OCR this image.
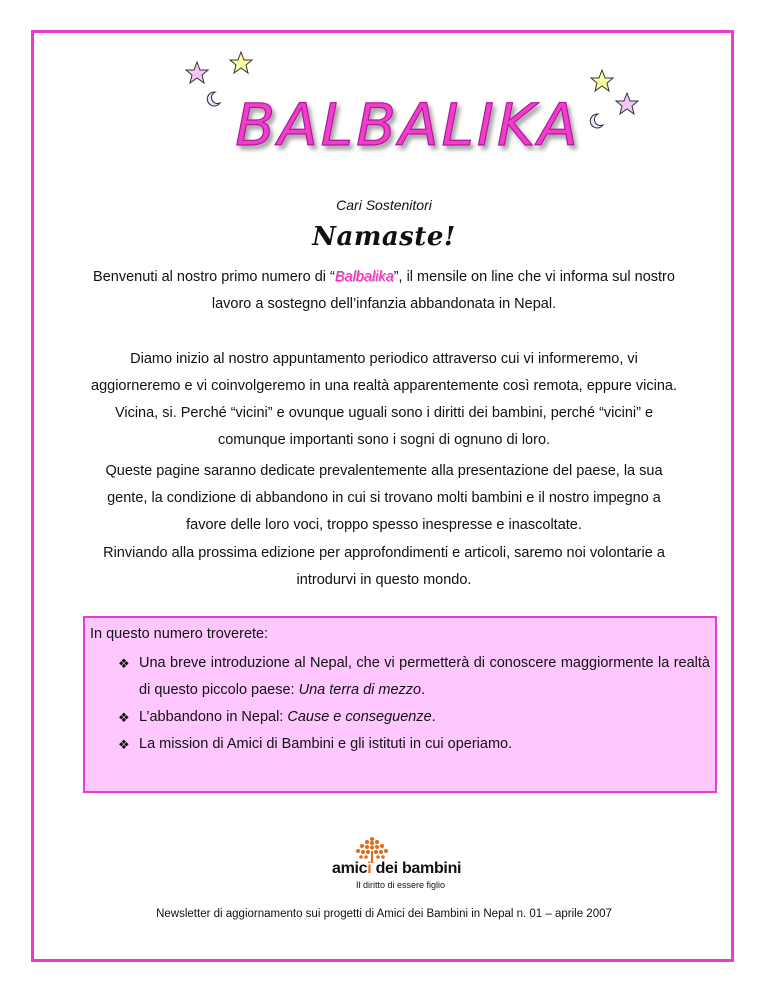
BALBALIKA
Cari Sostenitori
Namaste!
Benvenuti al nostro primo numero di “Balbalika”, il mensile on line che vi informa sul nostro lavoro a sostegno dell’infanzia abbandonata in Nepal.
Diamo inizio al nostro appuntamento periodico attraverso cui vi informeremo, vi aggiorneremo e vi coinvolgeremo in una realtà apparentemente così remota, eppure vicina. Vicina, si. Perché “vicini” e ovunque uguali sono i diritti dei bambini, perché “vicini” e comunque importanti sono i sogni di ognuno di loro.
Queste pagine saranno dedicate prevalentemente alla presentazione del paese, la sua gente, la condizione di abbandono in cui si trovano molti bambini e il nostro impegno a favore delle loro voci, troppo spesso inespresse e inascoltate.
Rinviando alla prossima edizione per approfondimenti e articoli, saremo noi volontarie a introdurvi in questo mondo.
In questo numero troverete:
❖ Una breve introduzione al Nepal, che vi permetterà di conoscere maggiormente la realtà di questo piccolo paese: Una terra di mezzo.
❖ L’abbandono in Nepal: Cause e conseguenze.
❖ La mission di Amici di Bambini e gli istituti in cui operiamo.
amici dei bambini
Il diritto di essere figlio
Newsletter di aggiornamento sui progetti di Amici dei Bambini in Nepal n. 01 – aprile 2007
